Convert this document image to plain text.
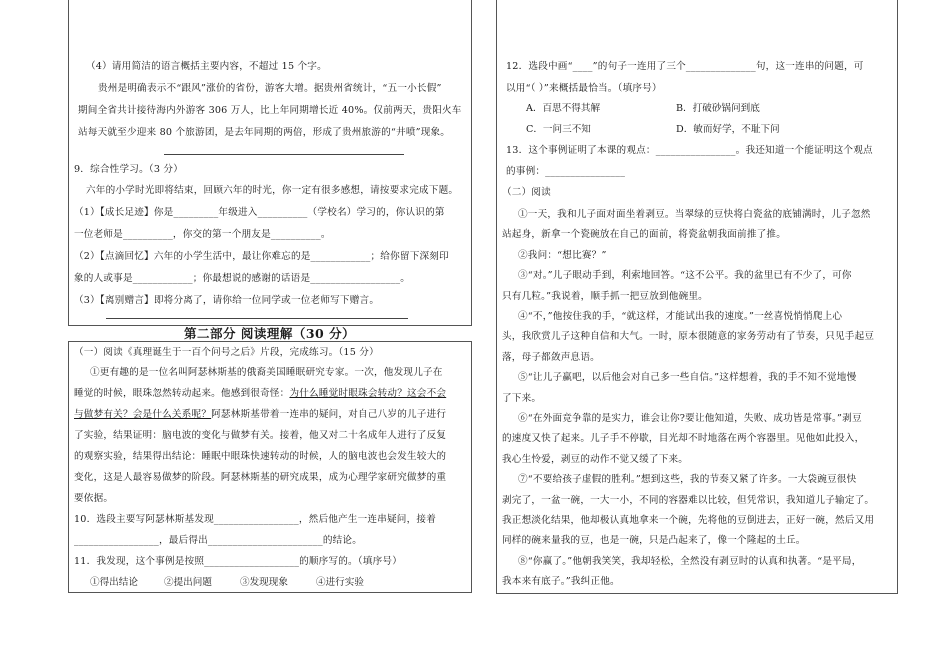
（4）请用简洁的语言概括主要内容，不超过 15 个字。
贵州是明确表示不“跟风”涨价的省份，游客大增。据贵州省统计，“五一小长假”
期间全省共计接待海内外游客 306 万人，比上年同期增长近 40%。仅前两天，贵阳火车
站每天就至少迎来 80 个旅游团，是去年同期的两倍，形成了贵州旅游的“井喷”现象。
9．综合性学习。（3 分）
六年的小学时光即将结束，回顾六年的时光，你一定有很多感想，请按要求完成下题。
（1）【成长足迹】你是_________年级进入__________（学校名）学习的，你认识的第
一位老师是__________，你交的第一个朋友是__________。
（2）【点滴回忆】六年的小学生活中，最让你难忘的是____________；给你留下深刻印
象的人或事是____________；你最想说的感谢的话语是__________________。
（3）【离别赠言】即将分离了，请你给一位同学或一位老师写下赠言。
第二部分 阅读理解（30 分）
（一）阅读《真理诞生于一百个问号之后》片段，完成练习。（15 分）
①更有趣的是一位名叫阿瑟林斯基的俄裔美国睡眠研究专家。一次，他发现儿子在
睡觉的时候，眼珠忽然转动起来。他感到很奇怪：为什么睡觉时眼珠会转动？这会不会
与做梦有关？会是什么关系呢？阿瑟林斯基带着一连串的疑问，对自己八岁的儿子进行
了实验，结果证明：脑电波的变化与做梦有关。接着，他又对二十名成年人进行了反复
的观察实验，结果得出结论：睡眠中眼珠快速转动的时候，人的脑电波也会发生较大的
变化，这是人最容易做梦的阶段。阿瑟林斯基的研究成果，成为心理学家研究做梦的重
要依据。
10．选段主要写阿瑟林斯基发现_________________，然后他产生一连串疑问，接着
_________________，最后得出_______________________的结论。
11．我发现，这个事例是按照___________________的顺序写的。（填序号）
①得出结论	②提出问题	③发现现象	④进行实验
12．选段中画“____”的句子一连用了三个______________句，这一连串的问题，可
以用“（ ）”来概括最恰当。（填序号）
A．百思不得其解	B．打破砂锅问到底
C．一问三不知	D．敏而好学，不耻下问
13．这个事例证明了本课的观点：________________。我还知道一个能证明这个观点
的事例：________________
（二）阅读
①一天，我和儿子面对面坐着剥豆。当翠绿的豆快将白瓷盆的底铺满时，儿子忽然
站起身，新拿一个瓷碗放在自己的面前，将瓷盆朝我面前推了推。
②我问：“想比赛？”
③“对。”儿子眼动手到，利索地回答。“这不公平。我的盆里已有不少了，可你
只有几粒。”我说着，顺手抓一把豆放到他碗里。
④“不，”他按住我的手，“就这样，才能试出我的速度。”一丝喜悦悄悄爬上心
头，我欣赏儿子这种自信和大气。一时，原本很随意的家务劳动有了节奏，只见手起豆
落，母子都敛声息语。
⑤“让儿子赢吧，以后他会对自己多一些自信。”这样想着，我的手不知不觉地慢
了下来。
⑥“在外面竞争靠的是实力，谁会让你?要让他知道，失败、成功皆是常事。”剥豆
的速度又快了起来。儿子手不停歇，目光却不时地落在两个容器里。见他如此投入，
我心生怜爱，剥豆的动作不觉又缓了下来。
⑦“不要给孩子虚假的胜利。”想到这些，我的节奏又紧了许多。一大袋豌豆很快
剥完了，一盆一碗，一大一小，不同的容器难以比较，但凭常识，我知道儿子输定了。
我正想淡化结果，他却极认真地拿来一个碗，先将他的豆倒进去，正好一碗，然后又用
同样的碗来量我的豆，也是一碗，只是凸起来了，像一个隆起的土丘。
⑧“你赢了。”他朝我笑笑，我却轻松，全然没有剥豆时的认真和执著。“是平局，
我本来有底子。”我纠正他。
